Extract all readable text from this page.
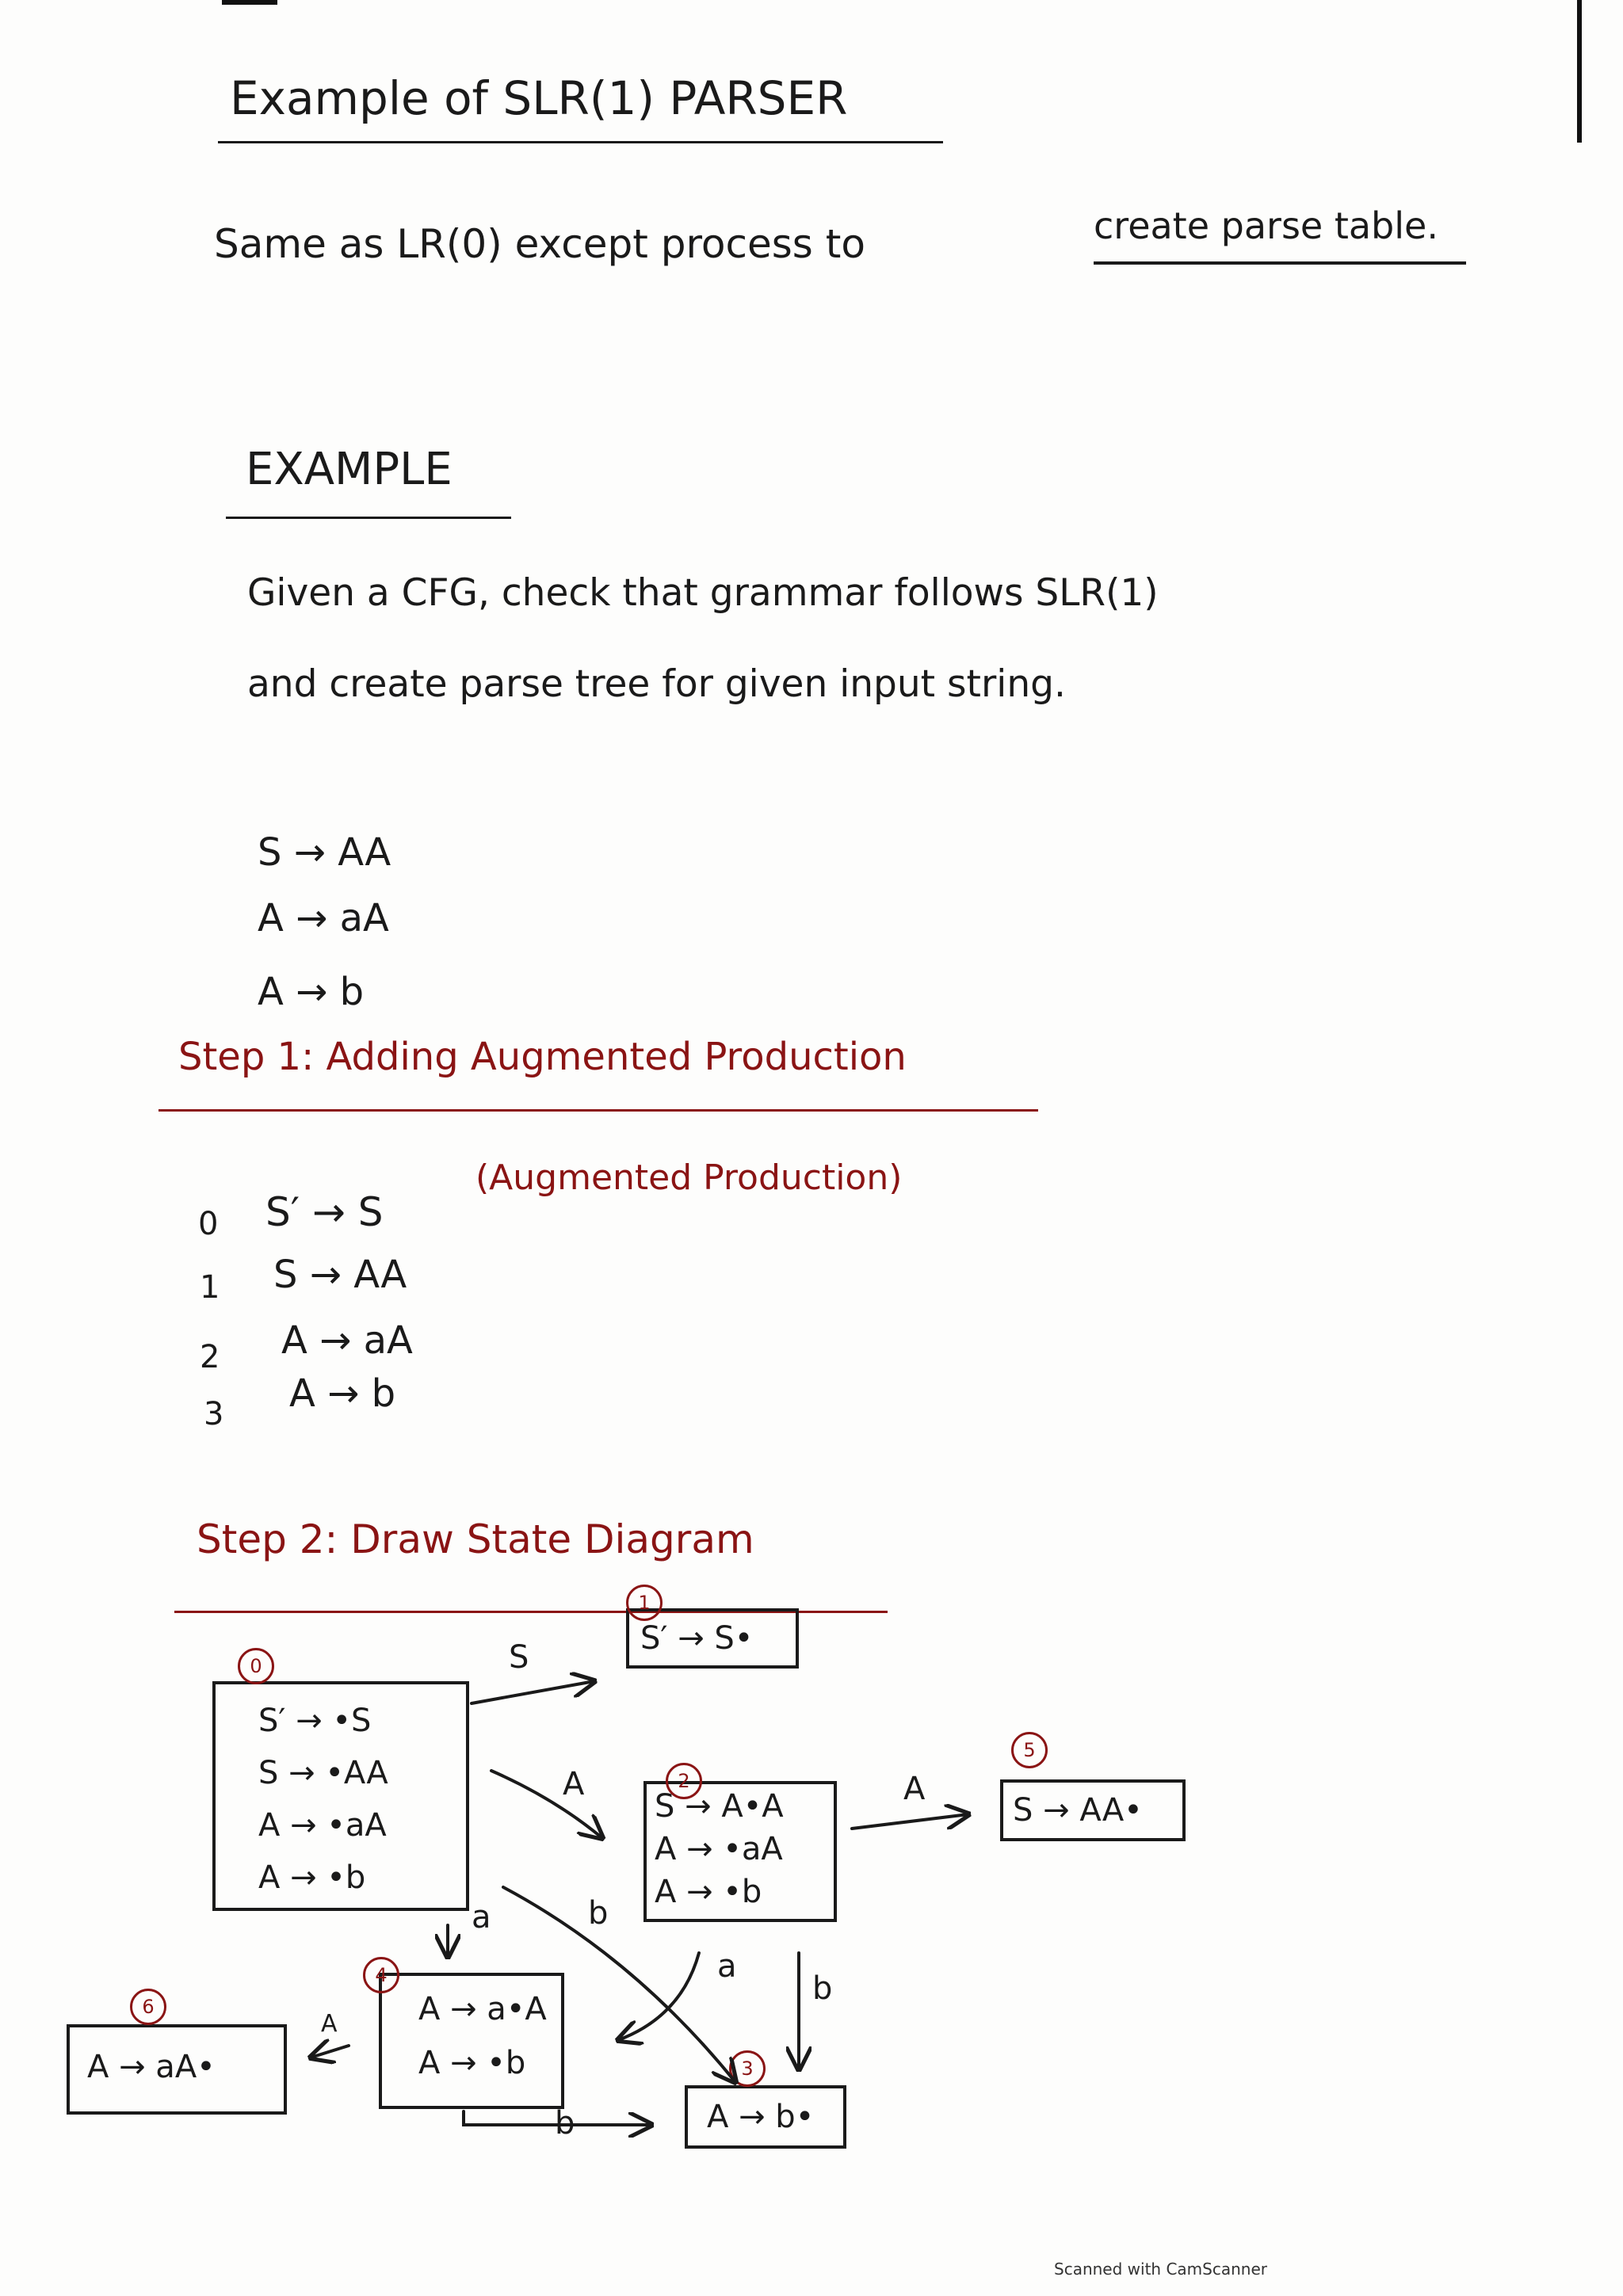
Example of SLR(1) PARSER
Same as LR(0) except process to	create parse table.
EXAMPLE
Given a CFG, check that grammar follows SLR(1)
and create parse tree for given input string.
S → AA
A → aA
A → b
Step 1: Adding Augmented Production
0 S′ → S
(Augmented Production)
1 S → AA
2 A → aA
3 A → b
Step 2: Draw State Diagram
S′ → •S
S → •AA
A → •aA
A → •b
0
S′ → S•
1
S → A•A
A → •aA
A → •b
2
S → AA•
5
A → a•A
A → •b
4
A → aA•
6
A → b•
3
S
A
a	b
A
a
b
A
b
Scanned with CamScanner
